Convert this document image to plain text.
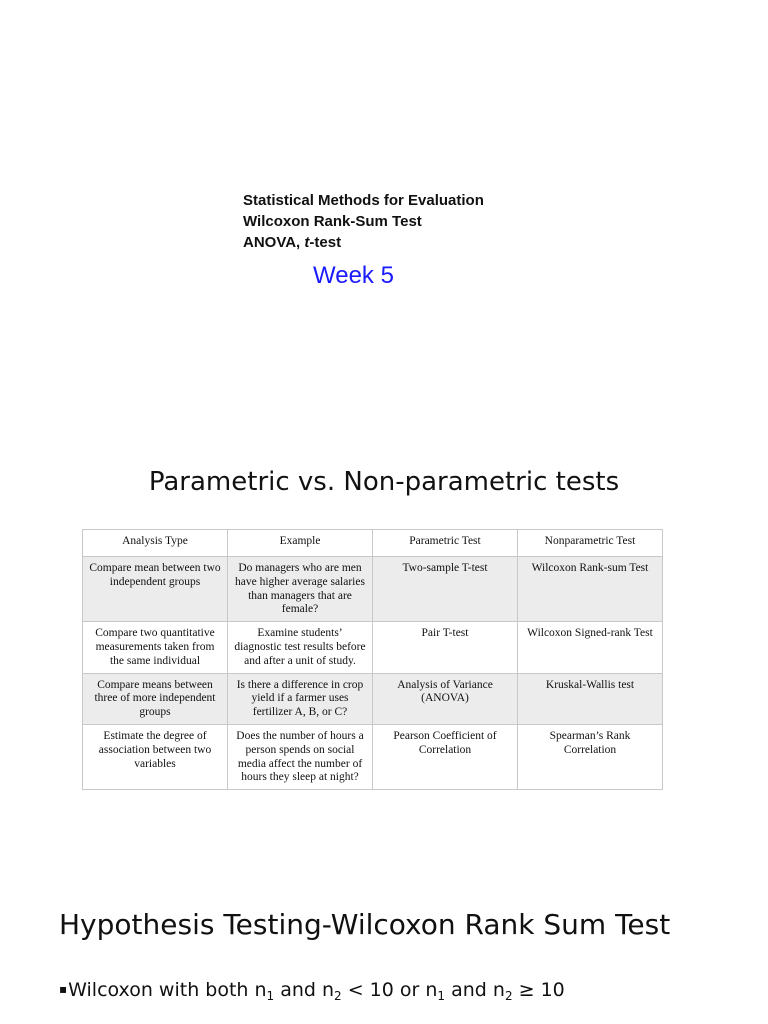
Statistical Methods for Evaluation
Wilcoxon Rank-Sum Test
ANOVA, t-test
Week 5
Parametric vs. Non-parametric tests
Analysis Type	Example	Parametric Test	Nonparametric Test
Compare mean between two independent groups	Do managers who are men have higher average salaries than managers that are female?	Two-sample T-test	Wilcoxon Rank-sum Test
Compare two quantitative measurements taken from the same individual	Examine students’ diagnostic test results before and after a unit of study.	Pair T-test	Wilcoxon Signed-rank Test
Compare means between three of more independent groups	Is there a difference in crop yield if a farmer uses fertilizer A, B, or C?	Analysis of Variance (ANOVA)	Kruskal-Wallis test
Estimate the degree of association between two variables	Does the number of hours a person spends on social media affect the number of hours they sleep at night?	Pearson Coefficient of Correlation	Spearman’s Rank Correlation
Hypothesis Testing-Wilcoxon Rank Sum Test
▪Wilcoxon with both $n_1$ and $n_2 < 10$ or $n_1$ and $n_2 \ge 10$
